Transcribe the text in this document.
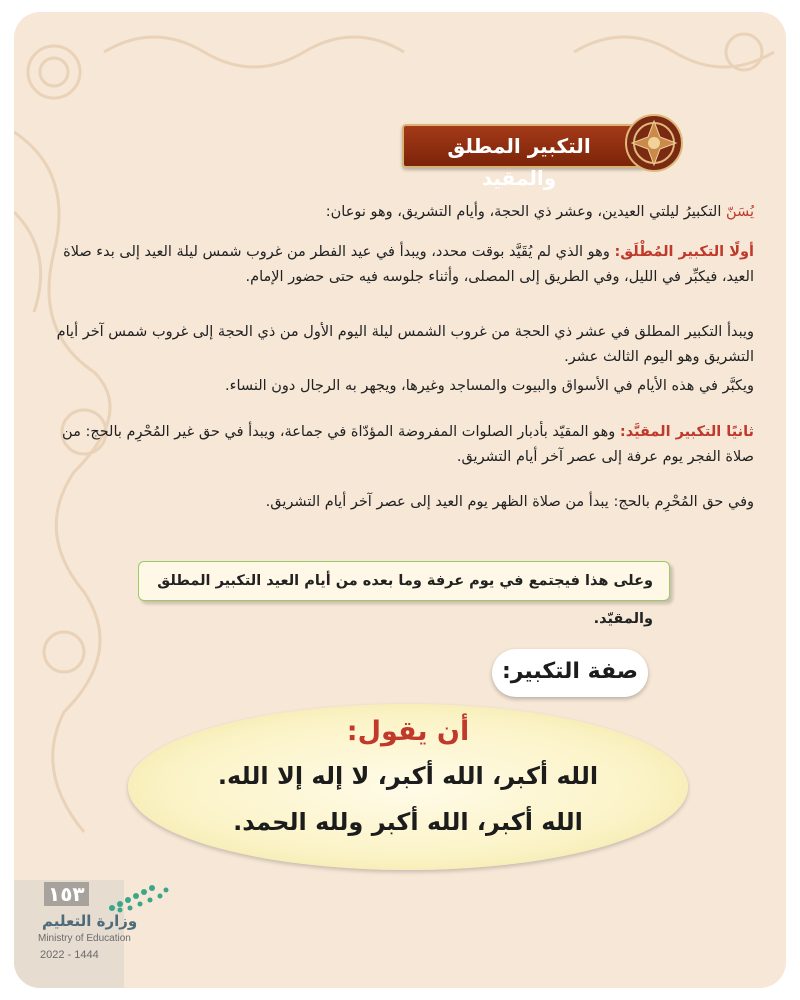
التكبير المطلق والمقيد
يُسَنّ التكبيرُ ليلتي العيدين، وعشر ذي الحجة، وأيام التشريق، وهو نوعان:
أولًا التكبير المُطْلَق: وهو الذي لم يُقَيَّد بوقت محدد، ويبدأ في عيد الفطر من غروب شمس ليلة العيد إلى بدء صلاة العيد، فيكبِّر في الليل، وفي الطريق إلى المصلى، وأثناء جلوسه فيه حتى حضور الإمام.
ويبدأ التكبير المطلق في عشر ذي الحجة من غروب الشمس ليلة اليوم الأول من ذي الحجة إلى غروب شمس آخر أيام التشريق وهو اليوم الثالث عشر.
ويكبَّر في هذه الأيام في الأسواق والبيوت والمساجد وغيرها، ويجهر به الرجال دون النساء.
ثانيًا التكبير المقيَّد: وهو المقيّد بأدبار الصلوات المفروضة المؤدّاة في جماعة، ويبدأ في حق غير المُحْرِم بالحج: من صلاة الفجر يوم عرفة إلى عصر آخر أيام التشريق.
وفي حق المُحْرِم بالحج: يبدأ من صلاة الظهر يوم العيد إلى عصر آخر أيام التشريق.
وعلى هذا فيجتمع في يوم عرفة وما بعده من أيام العيد التكبير المطلق والمقيّد.
صفة التكبير:
أن يقول:
الله أكبر، الله أكبر، لا إله إلا الله.
الله أكبر، الله أكبر ولله الحمد.
١٥٣
وزارة التعليم
Ministry of Education
2022 - 1444
